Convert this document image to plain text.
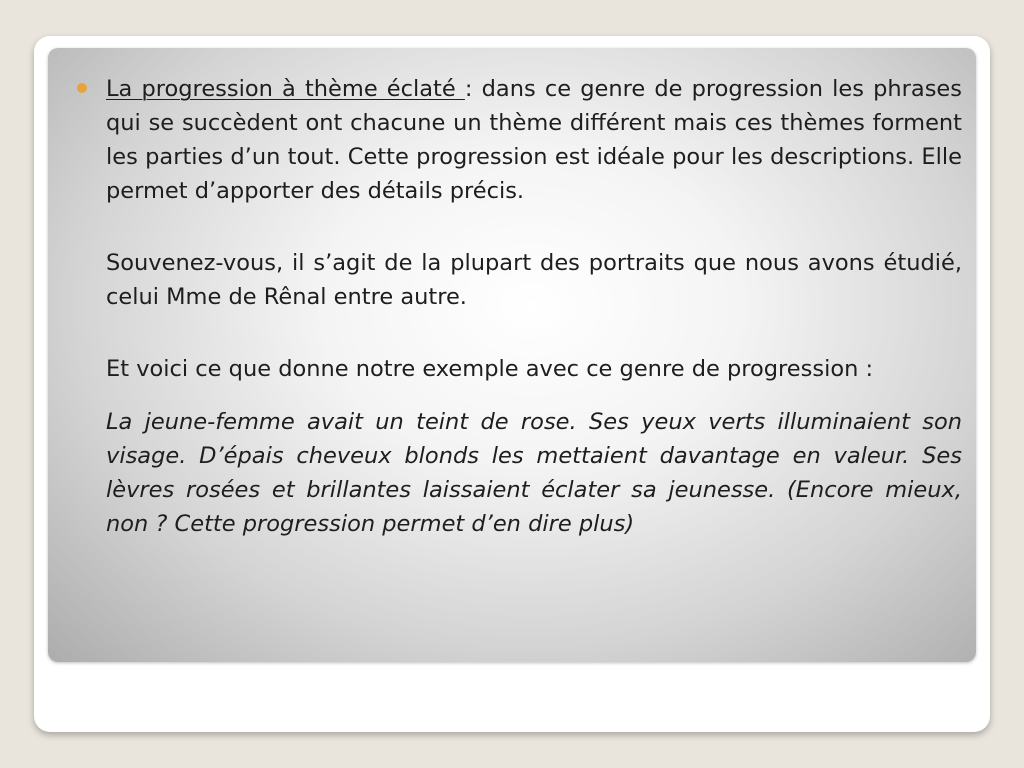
La progression à thème éclaté : dans ce genre de progression les phrases qui se succèdent ont chacune un thème différent mais ces thèmes forment les parties d’un tout. Cette progression est idéale pour les descriptions. Elle permet d’apporter des détails précis.

Souvenez-vous, il s’agit de la plupart des portraits que nous avons étudié, celui Mme de Rênal entre autre.

Et voici ce que donne notre exemple avec ce genre de progression :

La jeune-femme avait un teint de rose. Ses yeux verts illuminaient son visage. D’épais cheveux blonds les mettaient davantage en valeur. Ses lèvres rosées et brillantes laissaient éclater sa jeunesse. (Encore mieux, non ? Cette progression permet d’en dire plus)
